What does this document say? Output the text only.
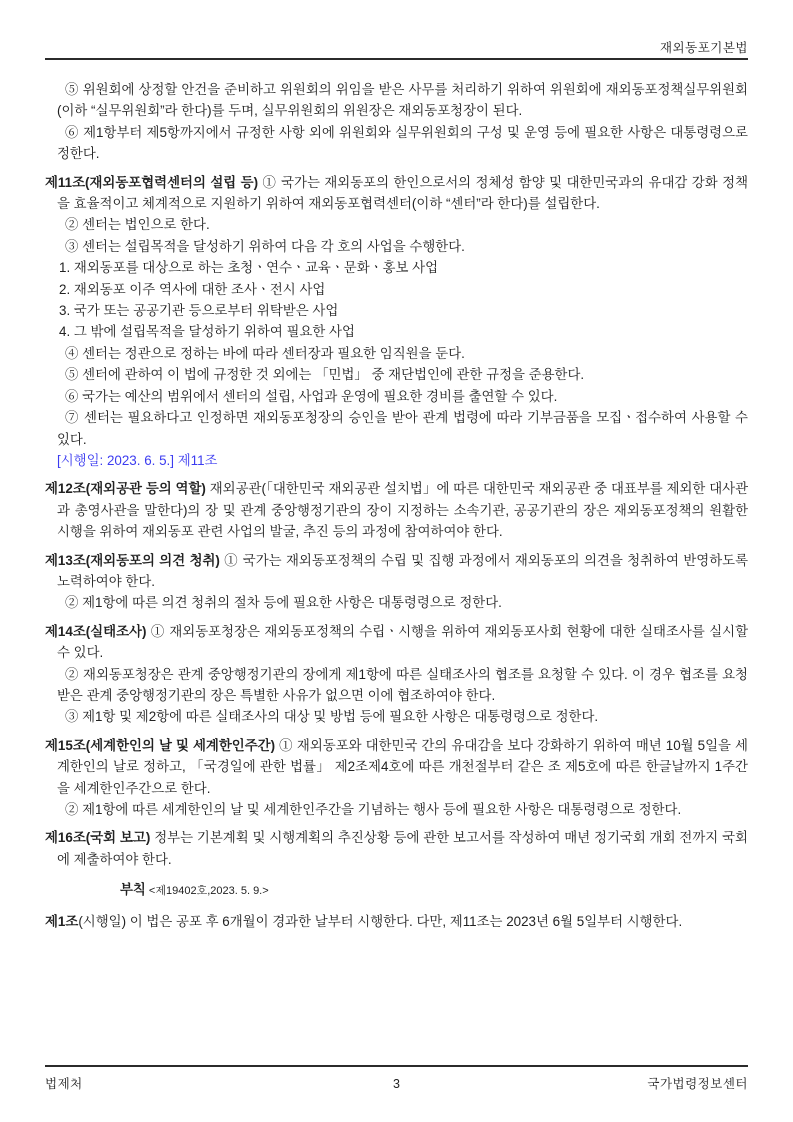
재외동포기본법

⑤ 위원회에 상정할 안건을 준비하고 위원회의 위임을 받은 사무를 처리하기 위하여 위원회에 재외동포정책실무위원회(이하 “실무위원회”라 한다)를 두며, 실무위원회의 위원장은 재외동포청장이 된다.

⑥ 제1항부터 제5항까지에서 규정한 사항 외에 위원회와 실무위원회의 구성 및 운영 등에 필요한 사항은 대통령령으로 정한다.

제11조(재외동포협력센터의 설립 등) ① 국가는 재외동포의 한인으로서의 정체성 함양 및 대한민국과의 유대감 강화 정책을 효율적이고 체계적으로 지원하기 위하여 재외동포협력센터(이하 “센터”라 한다)를 설립한다.

② 센터는 법인으로 한다.

③ 센터는 설립목적을 달성하기 위하여 다음 각 호의 사업을 수행한다.

1. 재외동포를 대상으로 하는 초청ㆍ연수ㆍ교육ㆍ문화ㆍ홍보 사업

2. 재외동포 이주 역사에 대한 조사ㆍ전시 사업

3. 국가 또는 공공기관 등으로부터 위탁받은 사업

4. 그 밖에 설립목적을 달성하기 위하여 필요한 사업

④ 센터는 정관으로 정하는 바에 따라 센터장과 필요한 임직원을 둔다.

⑤ 센터에 관하여 이 법에 규정한 것 외에는 「민법」 중 재단법인에 관한 규정을 준용한다.

⑥ 국가는 예산의 범위에서 센터의 설립, 사업과 운영에 필요한 경비를 출연할 수 있다.

⑦ 센터는 필요하다고 인정하면 재외동포청장의 승인을 받아 관계 법령에 따라 기부금품을 모집ㆍ접수하여 사용할 수 있다.

[시행일: 2023. 6. 5.] 제11조

제12조(재외공관 등의 역할) 재외공관(「대한민국 재외공관 설치법」에 따른 대한민국 재외공관 중 대표부를 제외한 대사관과 총영사관을 말한다)의 장 및 관계 중앙행정기관의 장이 지정하는 소속기관, 공공기관의 장은 재외동포정책의 원활한 시행을 위하여 재외동포 관련 사업의 발굴, 추진 등의 과정에 참여하여야 한다.

제13조(재외동포의 의견 청취) ① 국가는 재외동포정책의 수립 및 집행 과정에서 재외동포의 의견을 청취하여 반영하도록 노력하여야 한다.

② 제1항에 따른 의견 청취의 절차 등에 필요한 사항은 대통령령으로 정한다.

제14조(실태조사) ① 재외동포청장은 재외동포정책의 수립ㆍ시행을 위하여 재외동포사회 현황에 대한 실태조사를 실시할 수 있다.

② 재외동포청장은 관계 중앙행정기관의 장에게 제1항에 따른 실태조사의 협조를 요청할 수 있다. 이 경우 협조를 요청받은 관계 중앙행정기관의 장은 특별한 사유가 없으면 이에 협조하여야 한다.

③ 제1항 및 제2항에 따른 실태조사의 대상 및 방법 등에 필요한 사항은 대통령령으로 정한다.

제15조(세계한인의 날 및 세계한인주간) ① 재외동포와 대한민국 간의 유대감을 보다 강화하기 위하여 매년 10월 5일을 세계한인의 날로 정하고, 「국경일에 관한 법률」 제2조제4호에 따른 개천절부터 같은 조 제5호에 따른 한글날까지 1주간을 세계한인주간으로 한다.

② 제1항에 따른 세계한인의 날 및 세계한인주간을 기념하는 행사 등에 필요한 사항은 대통령령으로 정한다.

제16조(국회 보고) 정부는 기본계획 및 시행계획의 추진상황 등에 관한 보고서를 작성하여 매년 정기국회 개회 전까지 국회에 제출하여야 한다.

부칙 <제19402호,2023. 5. 9.>

제1조(시행일) 이 법은 공포 후 6개월이 경과한 날부터 시행한다. 다만, 제11조는 2023년 6월 5일부터 시행한다.

법제처	3	국가법령정보센터
